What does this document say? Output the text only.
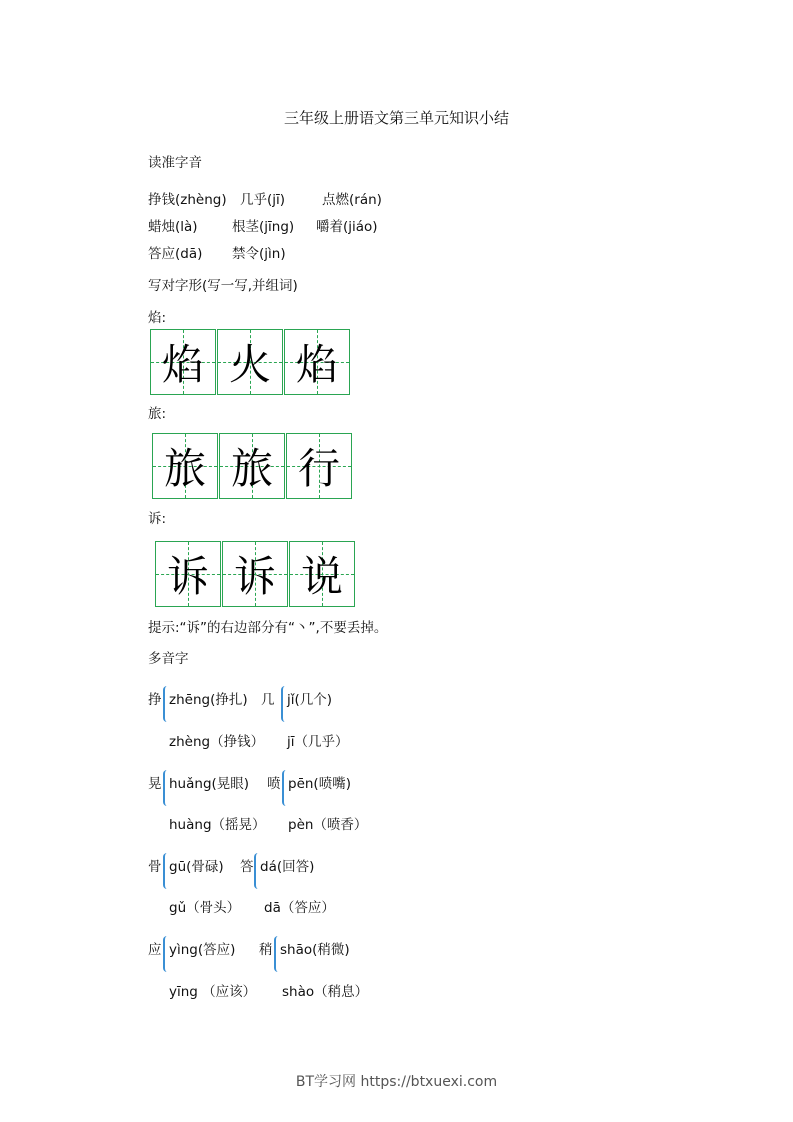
三年级上册语文第三单元知识小结
读准字音
挣钱(zhèng) 几乎(jī)	点燃(rán)
蜡烛(là)	根茎(jīng) 嚼着(jiáo)
答应(dā) 禁令(jìn)
写对字形(写一写,并组词)
焰:
焰 火 焰
旅:
旅 旅 行
诉:
诉 诉 说
提示:“诉”的右边部分有“丶”,不要丢掉。
多音字
挣 zhēng(挣扎)
zhèng（挣钱）
几 jǐ(几个)
jī（几乎）
晃 huǎng(晃眼)
huàng（摇晃）
喷 pēn(喷嘴)
pèn（喷香）
骨 gū(骨碌)
gǔ（骨头）
答 dá(回答)
dā（答应）
应 yìng(答应)
yīng （应该）
稍 shāo(稍微)
shào（稍息）
BT学习网 https://btxuexi.com
